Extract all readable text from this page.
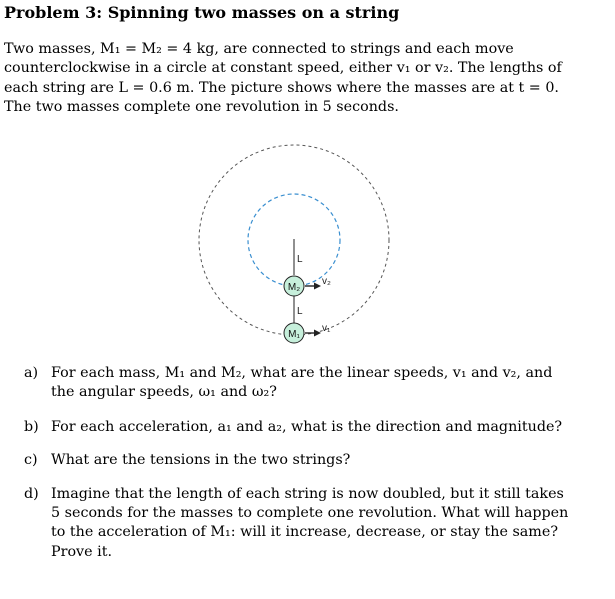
Problem 3: Spinning two masses on a string
Two masses, M₁ = M₂ = 4 kg, are connected to strings and each move
counterclockwise in a circle at constant speed, either v₁ or v₂. The lengths of
each string are L = 0.6 m. The picture shows where the masses are at t = 0.
The two masses complete one revolution in 5 seconds.
L
L
M₂
M₁
v₂
v₁
a) For each mass, M₁ and M₂, what are the linear speeds, v₁ and v₂, and
the angular speeds, ω₁ and ω₂?
b) For each acceleration, a₁ and a₂, what is the direction and magnitude?
c) What are the tensions in the two strings?
d) Imagine that the length of each string is now doubled, but it still takes
5 seconds for the masses to complete one revolution. What will happen
to the acceleration of M₁: will it increase, decrease, or stay the same?
Prove it.
